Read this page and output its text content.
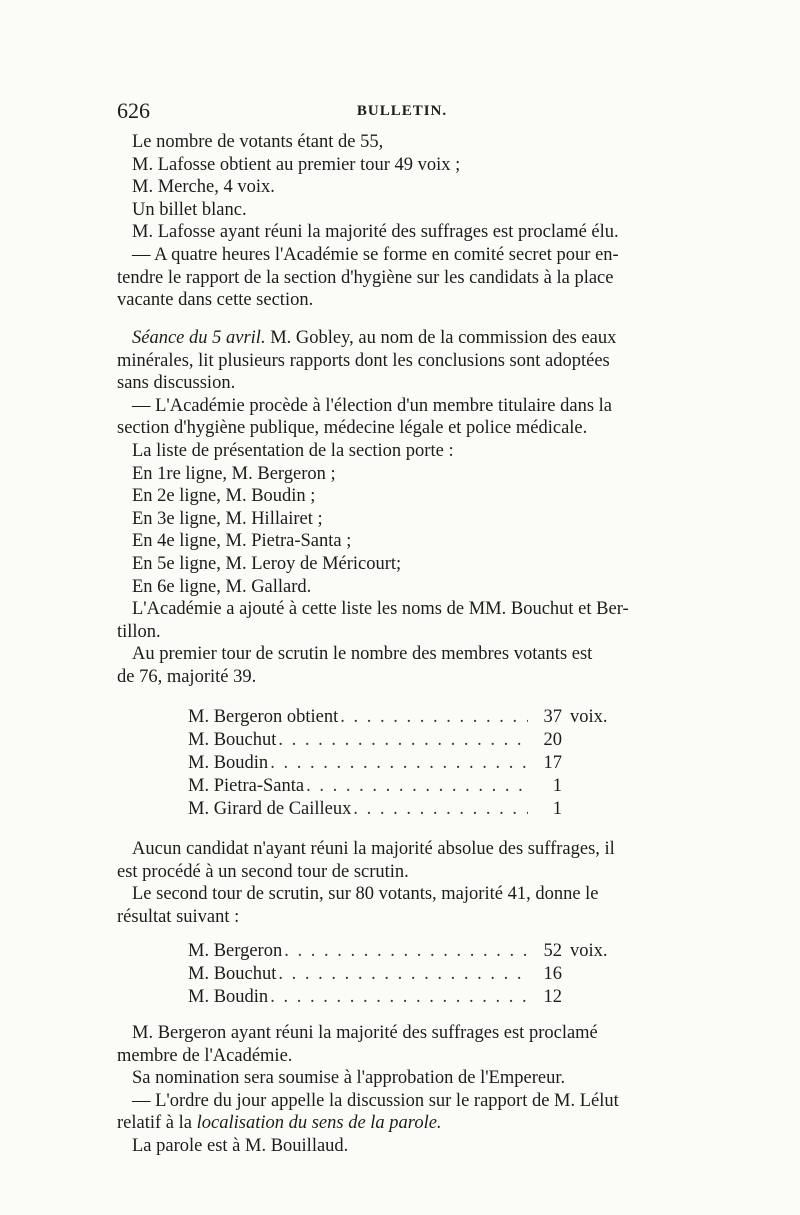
626	BULLETIN.
Le nombre de votants étant de 55,
M. Lafosse obtient au premier tour 49 voix ;
M. Merche, 4 voix.
Un billet blanc.
M. Lafosse ayant réuni la majorité des suffrages est proclamé élu.
— A quatre heures l'Académie se forme en comité secret pour en-
tendre le rapport de la section d'hygiène sur les candidats à la place
vacante dans cette section.
Séance du 5 avril. M. Gobley, au nom de la commission des eaux
minérales, lit plusieurs rapports dont les conclusions sont adoptées
sans discussion.
— L'Académie procède à l'élection d'un membre titulaire dans la
section d'hygiène publique, médecine légale et police médicale.
La liste de présentation de la section porte :
En 1re ligne, M. Bergeron ;
En 2e ligne, M. Boudin ;
En 3e ligne, M. Hillairet ;
En 4e ligne, M. Pietra-Santa ;
En 5e ligne, M. Leroy de Méricourt;
En 6e ligne, M. Gallard.
L'Académie a ajouté à cette liste les noms de MM. Bouchut et Ber-
tillon.
Au premier tour de scrutin le nombre des membres votants est
de 76, majorité 39.
M. Bergeron obtient . . .	37 voix.
M. Bouchut . . .	20
M. Boudin . . .	17
M. Pietra-Santa . . .	1
M. Girard de Cailleux . . .	1
Aucun candidat n'ayant réuni la majorité absolue des suffrages, il
est procédé à un second tour de scrutin.
Le second tour de scrutin, sur 80 votants, majorité 41, donne le
résultat suivant :
M. Bergeron . . .	52 voix.
M. Bouchut . . .	16
M. Boudin . . .	12
M. Bergeron ayant réuni la majorité des suffrages est proclamé
membre de l'Académie.
Sa nomination sera soumise à l'approbation de l'Empereur.
— L'ordre du jour appelle la discussion sur le rapport de M. Lélut
relatif à la localisation du sens de la parole.
La parole est à M. Bouillaud.
